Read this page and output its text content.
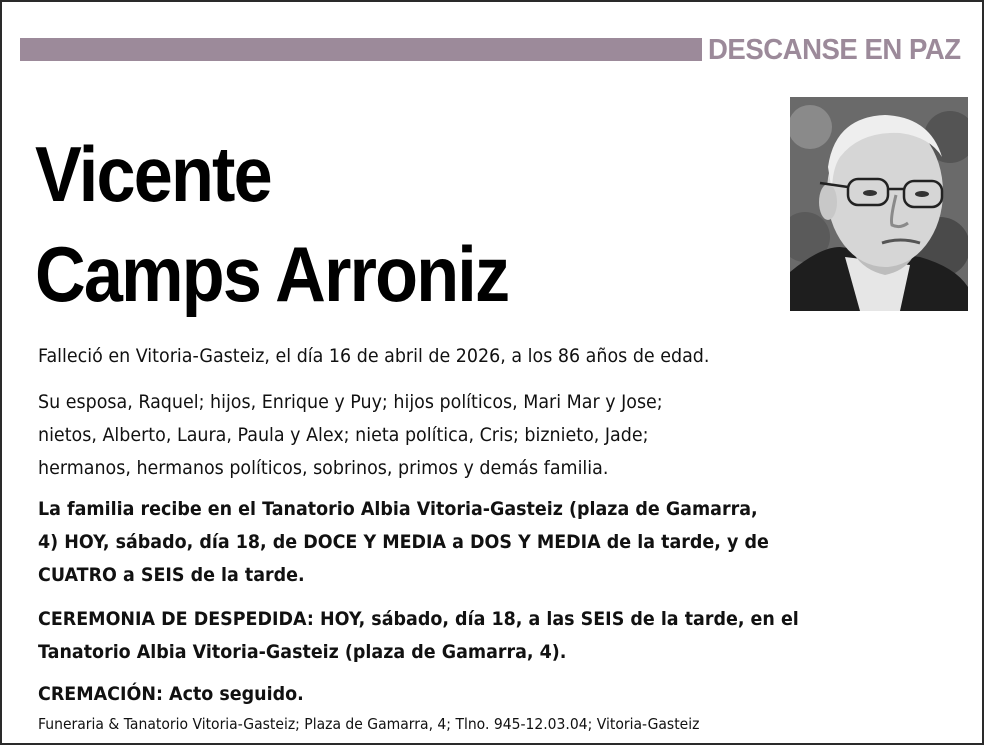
DESCANSE EN PAZ
Vicente
Camps Arroniz
Falleció en Vitoria-Gasteiz, el día 16 de abril de 2026, a los 86 años de edad.
Su esposa, Raquel; hijos, Enrique y Puy; hijos políticos, Mari Mar y Jose;
nietos, Alberto, Laura, Paula y Alex; nieta política, Cris; biznieto, Jade;
hermanos, hermanos políticos, sobrinos, primos y demás familia.
La familia recibe en el Tanatorio Albia Vitoria-Gasteiz (plaza de Gamarra,
4) HOY, sábado, día 18, de DOCE Y MEDIA a DOS Y MEDIA de la tarde, y de
CUATRO a SEIS de la tarde.
CEREMONIA DE DESPEDIDA: HOY, sábado, día 18, a las SEIS de la tarde, en el
Tanatorio Albia Vitoria-Gasteiz (plaza de Gamarra, 4).
CREMACIÓN: Acto seguido.
Funeraria & Tanatorio Vitoria-Gasteiz; Plaza de Gamarra, 4; Tlno. 945-12.03.04; Vitoria-Gasteiz
